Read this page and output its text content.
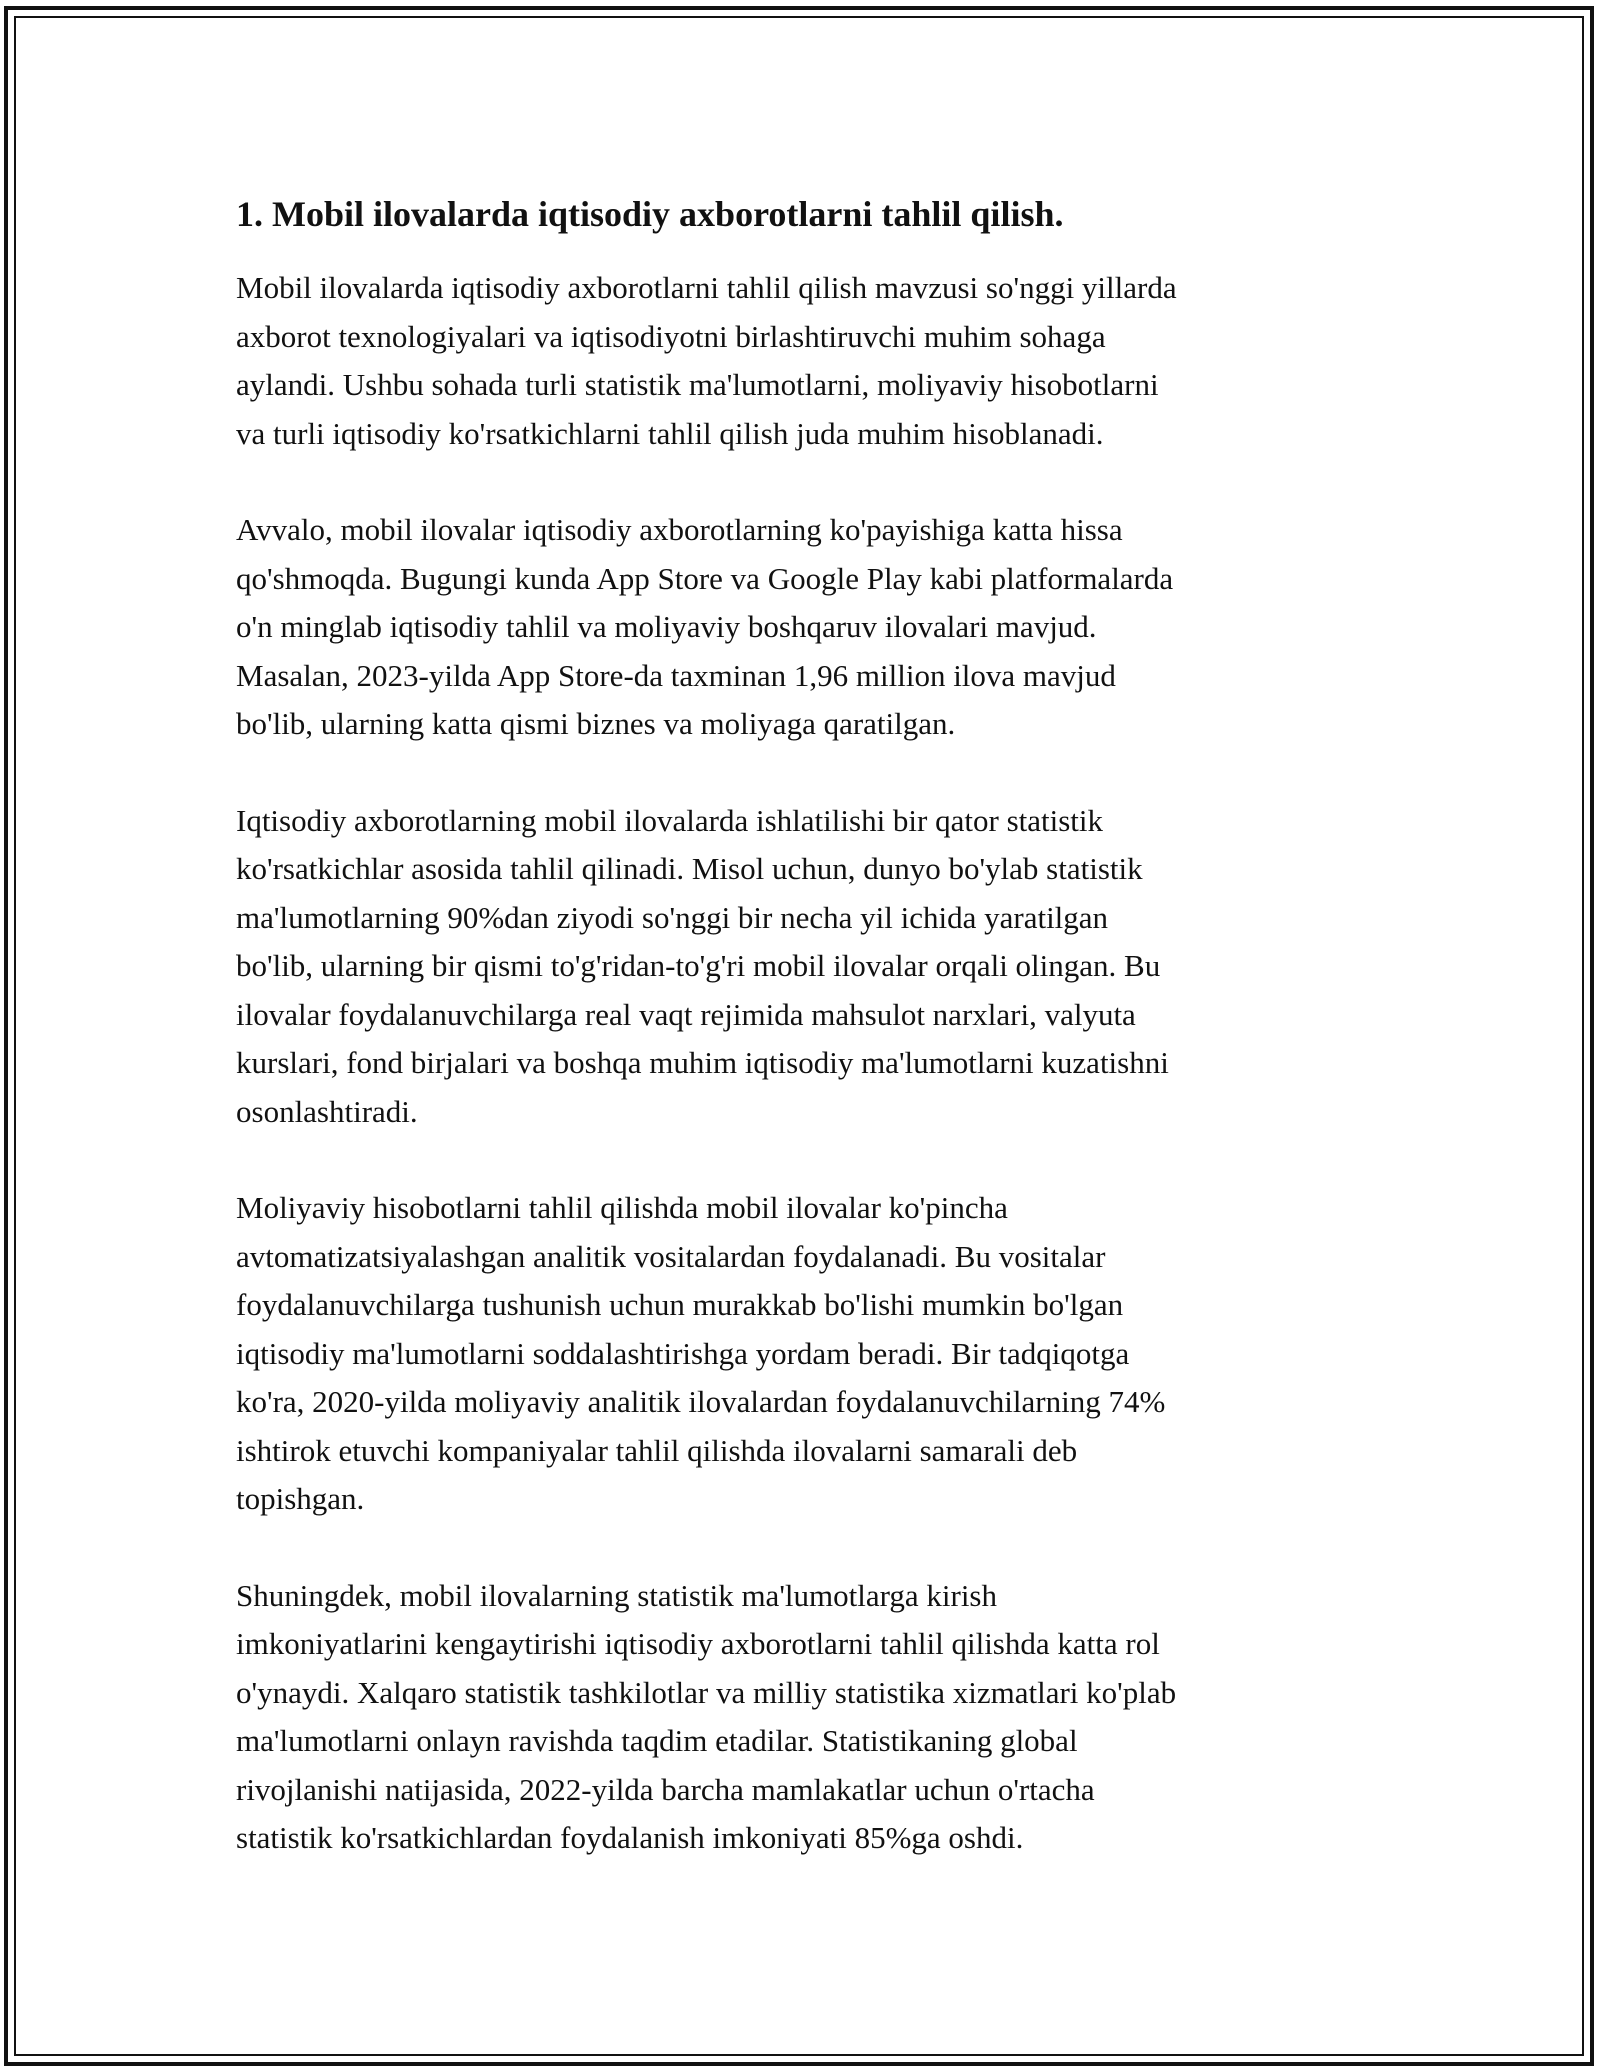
1. Mobil ilovalarda iqtisodiy axborotlarni tahlil qilish.

Mobil ilovalarda iqtisodiy axborotlarni tahlil qilish mavzusi so'nggi yillarda
axborot texnologiyalari va iqtisodiyotni birlashtiruvchi muhim sohaga
aylandi. Ushbu sohada turli statistik ma'lumotlarni, moliyaviy hisobotlarni
va turli iqtisodiy ko'rsatkichlarni tahlil qilish juda muhim hisoblanadi.

Avvalo, mobil ilovalar iqtisodiy axborotlarning ko'payishiga katta hissa
qo'shmoqda. Bugungi kunda App Store va Google Play kabi platformalarda
o'n minglab iqtisodiy tahlil va moliyaviy boshqaruv ilovalari mavjud.
Masalan, 2023-yilda App Store-da taxminan 1,96 million ilova mavjud
bo'lib, ularning katta qismi biznes va moliyaga qaratilgan.

Iqtisodiy axborotlarning mobil ilovalarda ishlatilishi bir qator statistik
ko'rsatkichlar asosida tahlil qilinadi. Misol uchun, dunyo bo'ylab statistik
ma'lumotlarning 90%dan ziyodi so'nggi bir necha yil ichida yaratilgan
bo'lib, ularning bir qismi to'g'ridan-to'g'ri mobil ilovalar orqali olingan. Bu
ilovalar foydalanuvchilarga real vaqt rejimida mahsulot narxlari, valyuta
kurslari, fond birjalari va boshqa muhim iqtisodiy ma'lumotlarni kuzatishni
osonlashtiradi.

Moliyaviy hisobotlarni tahlil qilishda mobil ilovalar ko'pincha
avtomatizatsiyalashgan analitik vositalardan foydalanadi. Bu vositalar
foydalanuvchilarga tushunish uchun murakkab bo'lishi mumkin bo'lgan
iqtisodiy ma'lumotlarni soddalashtirishga yordam beradi. Bir tadqiqotga
ko'ra, 2020-yilda moliyaviy analitik ilovalardan foydalanuvchilarning 74%
ishtirok etuvchi kompaniyalar tahlil qilishda ilovalarni samarali deb
topishgan.

Shuningdek, mobil ilovalarning statistik ma'lumotlarga kirish
imkoniyatlarini kengaytirishi iqtisodiy axborotlarni tahlil qilishda katta rol
o'ynaydi. Xalqaro statistik tashkilotlar va milliy statistika xizmatlari ko'plab
ma'lumotlarni onlayn ravishda taqdim etadilar. Statistikaning global
rivojlanishi natijasida, 2022-yilda barcha mamlakatlar uchun o'rtacha
statistik ko'rsatkichlardan foydalanish imkoniyati 85%ga oshdi.
